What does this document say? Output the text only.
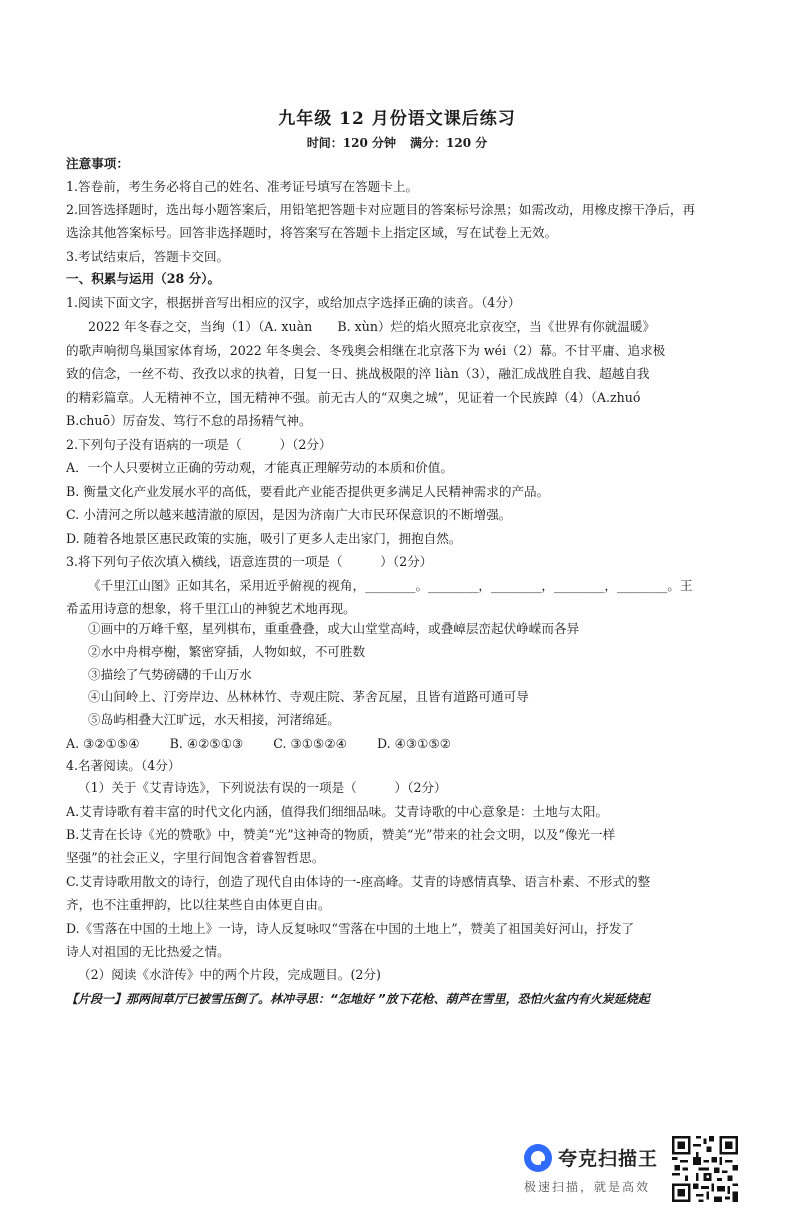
九年级 12 月份语文课后练习
时间：120 分钟 满分：120 分
注意事项：
1.答卷前，考生务必将自己的姓名、准考证号填写在答题卡上。
2.回答选择题时，选出每小题答案后，用铅笔把答题卡对应题目的答案标号涂黑；如需改动，用橡皮擦干净后，再
选涂其他答案标号。回答非选择题时，将答案写在答题卡上指定区域，写在试卷上无效。
3.考试结束后，答题卡交回。
一、积累与运用（28 分）。
1.阅读下面文字，根据拼音写出相应的汉字，或给加点字选择正确的读音。（4分）
2022 年冬春之交，当绚（1）（A. xuàn　　B. xùn）烂的焰火照亮北京夜空，当《世界有你就温暖》
的歌声响彻鸟巢国家体育场，2022 年冬奥会、冬残奥会相继在北京落下为 wéi（2）幕。不甘平庸、追求极
致的信念，一丝不苟、孜孜以求的执着，日复一日、挑战极限的淬 liàn（3），融汇成战胜自我、超越自我
的精彩篇章。人无精神不立，国无精神不强。前无古人的“双奥之城”，见证着一个民族踔（4）（A.zhuó
B.chuō）厉奋发、笃行不怠的昂扬精气神。
2.下列句子没有语病的一项是（　　　）（2分）
A．一个人只要树立正确的劳动观，才能真正理解劳动的本质和价值。
B. 衡量文化产业发展水平的高低，要看此产业能否提供更多满足人民精神需求的产品。
C. 小清河之所以越来越清澈的原因，是因为济南广大市民环保意识的不断增强。
D. 随着各地景区惠民政策的实施，吸引了更多人走出家门，拥抱自然。
3.将下列句子依次填入横线，语意连贯的一项是（　　　）（2分）
《千里江山图》正如其名，采用近乎俯视的视角，________。________，________，________，________。王
希孟用诗意的想象，将千里江山的神貌艺术地再现。
①画中的万峰千壑，星列棋布，重重叠叠，或大山堂堂高峙，或叠嶂层峦起伏峥嵘而各异
②水中舟楫亭榭，繁密穿插，人物如蚁，不可胜数
③描绘了气势磅礴的千山万水
④山间岭上、汀旁岸边、丛林林竹、寺观庄院、茅舍瓦屋，且皆有道路可通可导
⑤岛屿相叠大江旷远，水天相接，河渚绵延。
A. ③②①⑤④ B. ④②⑤①③ C. ③①⑤②④ D. ④③①⑤②
4.名著阅读。（4分）
（1）关于《艾青诗选》，下列说法有误的一项是（　　　）（2分）
A.艾青诗歌有着丰富的时代文化内涵，值得我们细细品味。艾青诗歌的中心意象是：土地与太阳。
B.艾青在长诗《光的赞歌》中，赞美“光”这神奇的物质，赞美“光”带来的社会文明，以及“像光一样
坚强”的社会正义，字里行间饱含着睿智哲思。
C.艾青诗歌用散文的诗行，创造了现代自由体诗的一-座高峰。艾青的诗感情真挚、语言朴素、不形式的整
齐，也不注重押韵，比以往某些自由体更自由。
D.《雪落在中国的土地上》一诗，诗人反复咏叹“雪落在中国的土地上”，赞美了祖国美好河山，抒发了
诗人对祖国的无比热爱之情。
（2）阅读《水浒传》中的两个片段，完成题目。(2分)
【片段一】那两间草厅已被雪压倒了。林冲寻思：“怎地好 ”放下花枪、葫芦在雪里，恐怕火盆内有火炭延烧起
夸克扫描王
极速扫描，就是高效
